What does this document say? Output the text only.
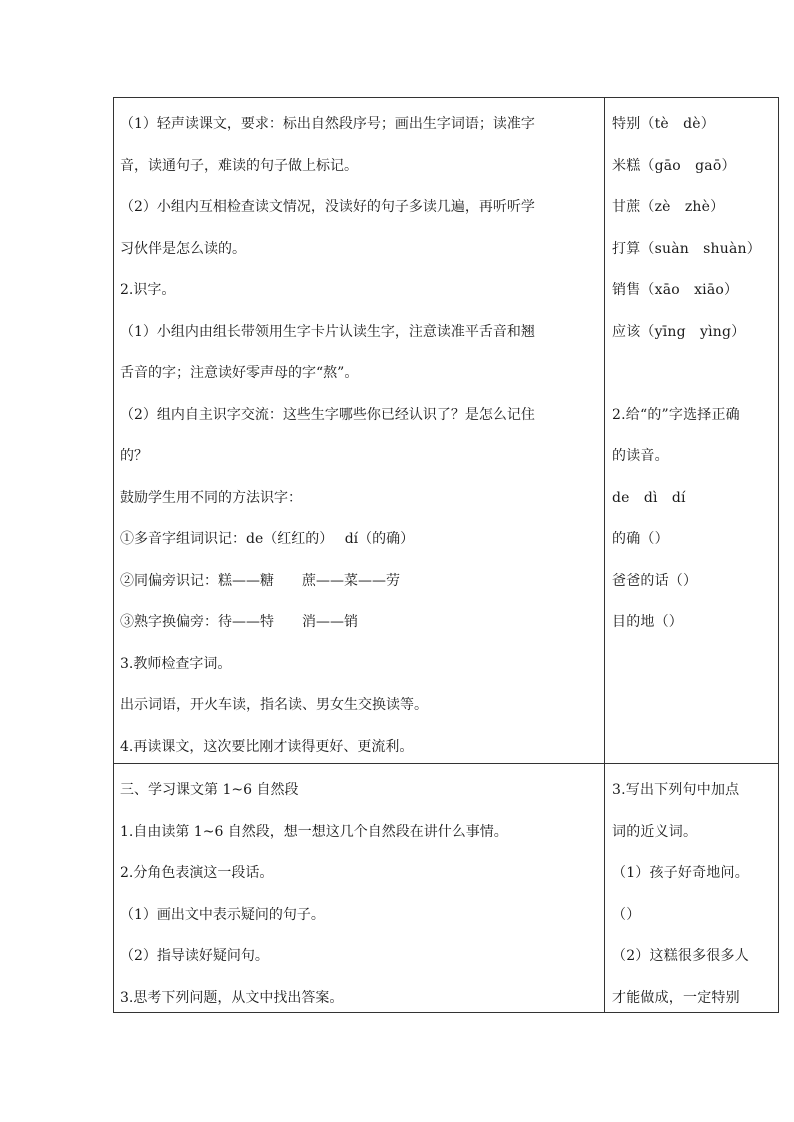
（1）轻声读课文，要求：标出自然段序号；画出生字词语；读准字
音，读通句子，难读的句子做上标记。
（2）小组内互相检查读文情况，没读好的句子多读几遍，再听听学
习伙伴是怎么读的。
2.识字。
（1）小组内由组长带领用生字卡片认读生字，注意读准平舌音和翘
舌音的字；注意读好零声母的字“熬”。
（2）组内自主识字交流：这些生字哪些你已经认识了？是怎么记住
的？
鼓励学生用不同的方法识字：
①多音字组词识记：de（红红的）　 dí（的确）
②同偏旁识记：糕——糖　　蔗——菜——劳
③熟字换偏旁：待——特　　消——销
3.教师检查字词。
出示词语，开火车读，指名读、男女生交换读等。
4.再读课文，这次要比刚才读得更好、更流利。
特别（tè　dè）
米糕（gāo　gaō）
甘蔗（zè　zhè）
打算（suàn　shuàn）
销售（xāo　xiāo）
应该（yīng　yìng）
2.给“的”字选择正确
的读音。
de　dì　dí
的确（）
爸爸的话（）
目的地（）
三、学习课文第 1~6 自然段
1.自由读第 1~6 自然段，想一想这几个自然段在讲什么事情。
2.分角色表演这一段话。
（1）画出文中表示疑问的句子。
（2）指导读好疑问句。
3.思考下列问题，从文中找出答案。
3.写出下列句中加点
词的近义词。
（1）孩子好奇地问。
（）
（2）这糕很多很多人
才能做成，一定特别
